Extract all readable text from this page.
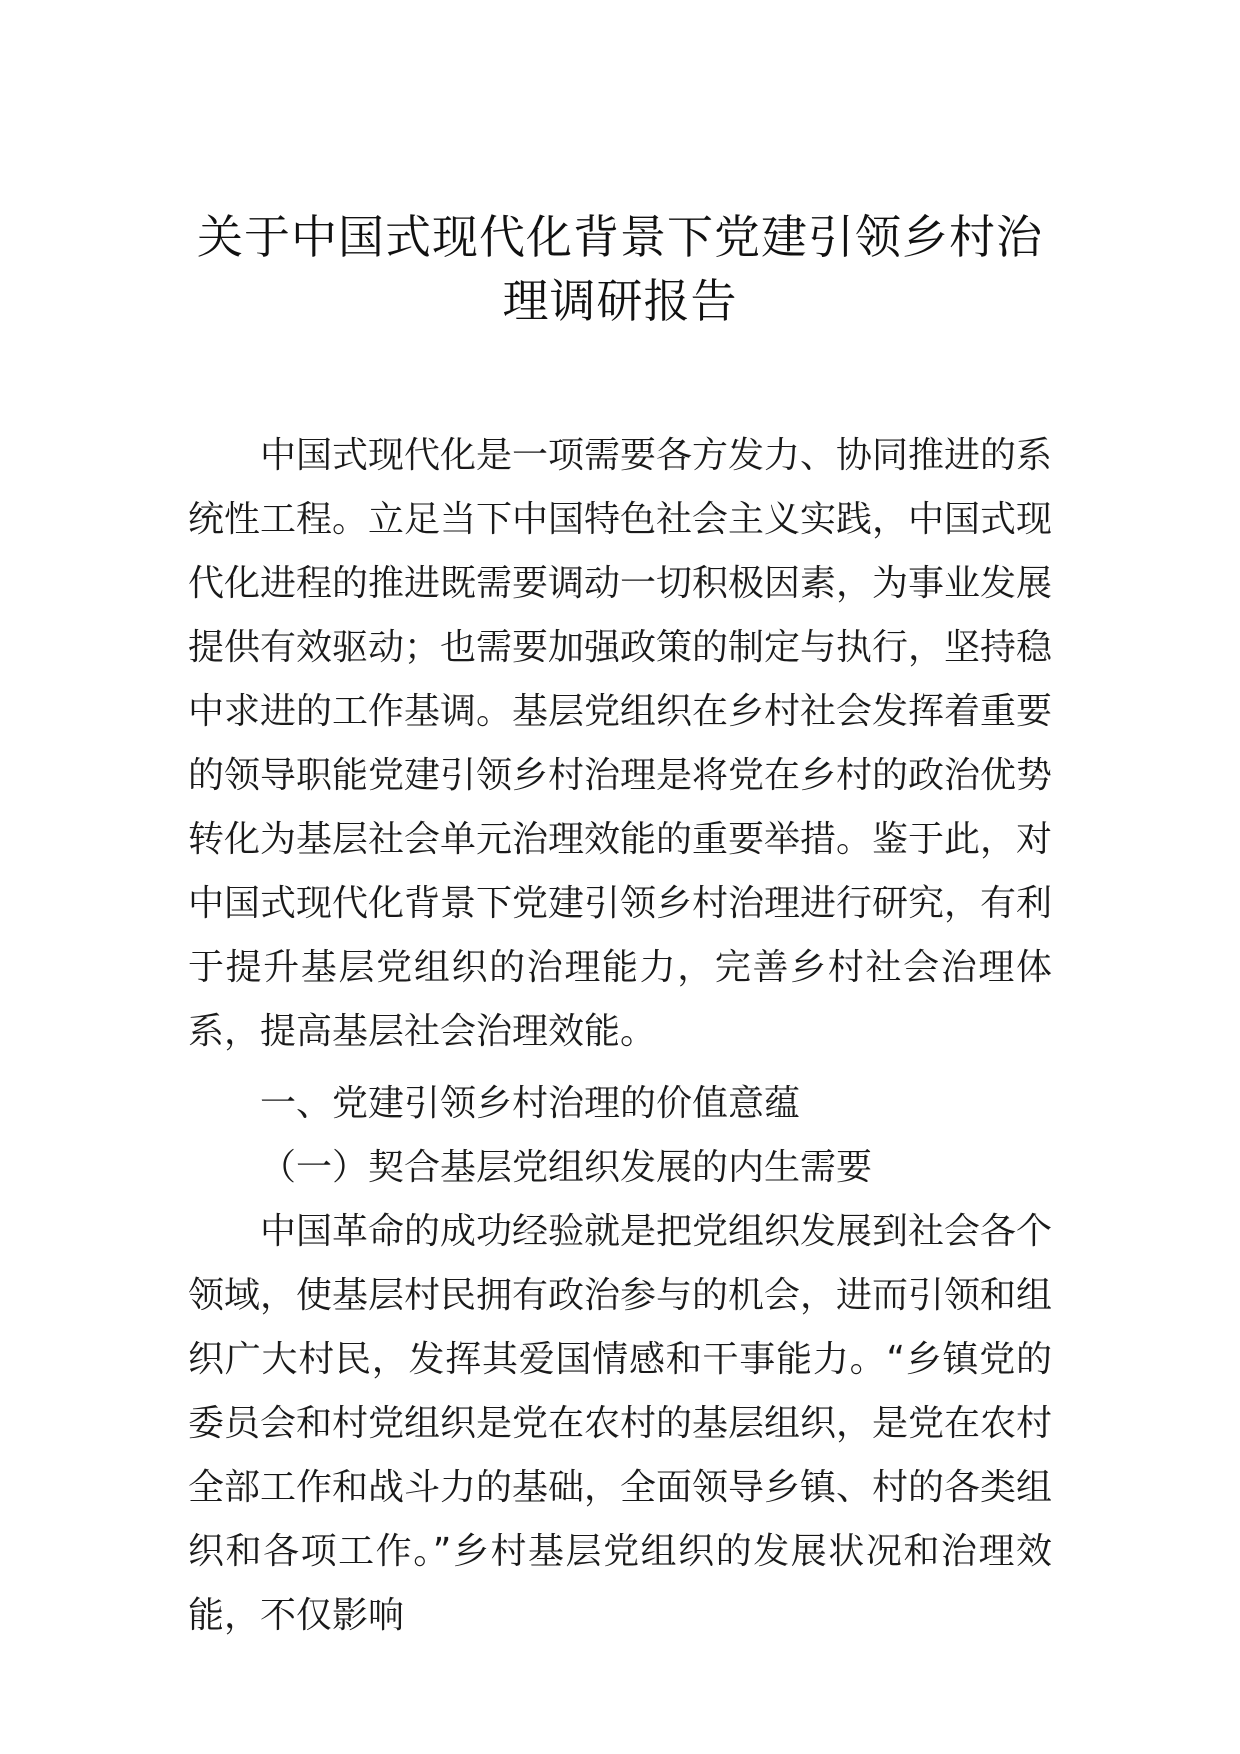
关于中国式现代化背景下党建引领乡村治理调研报告

中国式现代化是一项需要各方发力、协同推进的系统性工程。立足当下中国特色社会主义实践，中国式现代化进程的推进既需要调动一切积极因素，为事业发展提供有效驱动；也需要加强政策的制定与执行，坚持稳中求进的工作基调。基层党组织在乡村社会发挥着重要的领导职能党建引领乡村治理是将党在乡村的政治优势转化为基层社会单元治理效能的重要举措。鉴于此，对中国式现代化背景下党建引领乡村治理进行研究，有利于提升基层党组织的治理能力，完善乡村社会治理体系，提高基层社会治理效能。

一、党建引领乡村治理的价值意蕴

（一）契合基层党组织发展的内生需要

中国革命的成功经验就是把党组织发展到社会各个领域，使基层村民拥有政治参与的机会，进而引领和组织广大村民，发挥其爱国情感和干事能力。“乡镇党的委员会和村党组织是党在农村的基层组织，是党在农村全部工作和战斗力的基础，全面领导乡镇、村的各类组织和各项工作。”乡村基层党组织的发展状况和治理效能，不仅影响
